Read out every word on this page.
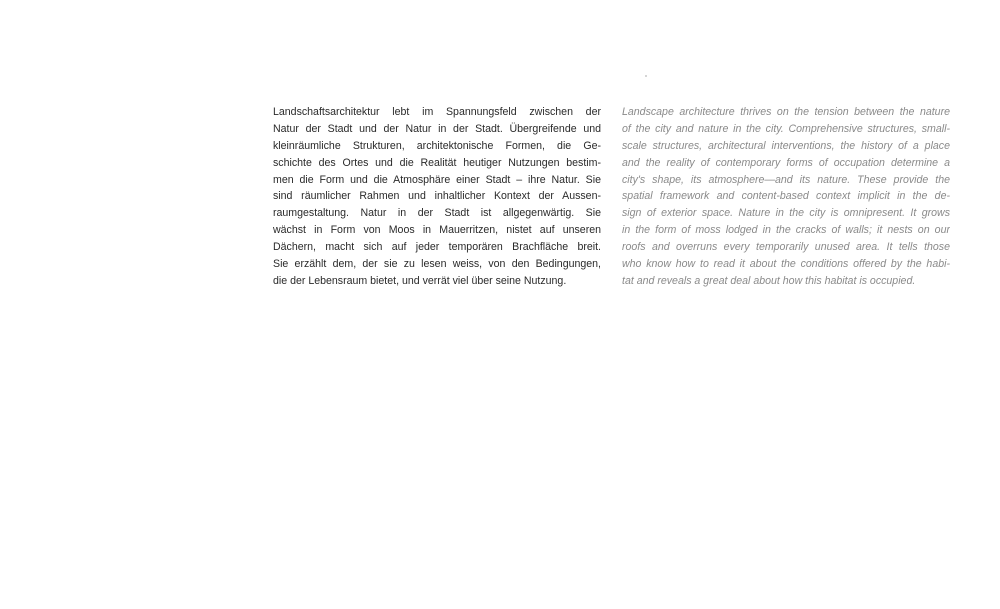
Landschaftsarchitektur lebt im Spannungsfeld zwischen der
Natur der Stadt und der Natur in der Stadt. Übergreifende und
kleinräumliche Strukturen, architektonische Formen, die Ge-
schichte des Ortes und die Realität heutiger Nutzungen bestim-
men die Form und die Atmosphäre einer Stadt – ihre Natur. Sie
sind räumlicher Rahmen und inhaltlicher Kontext der Aussen-
raumgestaltung. Natur in der Stadt ist allgegenwärtig. Sie
wächst in Form von Moos in Mauerritzen, nistet auf unseren
Dächern, macht sich auf jeder temporären Brachfläche breit.
Sie erzählt dem, der sie zu lesen weiss, von den Bedingungen,
die der Lebensraum bietet, und verrät viel über seine Nutzung.
Landscape architecture thrives on the tension between the nature
of the city and nature in the city. Comprehensive structures, small-
scale structures, architectural interventions, the history of a place
and the reality of contemporary forms of occupation determine a
city's shape, its atmosphere—and its nature. These provide the
spatial framework and content-based context implicit in the de-
sign of exterior space. Nature in the city is omnipresent. It grows
in the form of moss lodged in the cracks of walls; it nests on our
roofs and overruns every temporarily unused area. It tells those
who know how to read it about the conditions offered by the habi-
tat and reveals a great deal about how this habitat is occupied.
